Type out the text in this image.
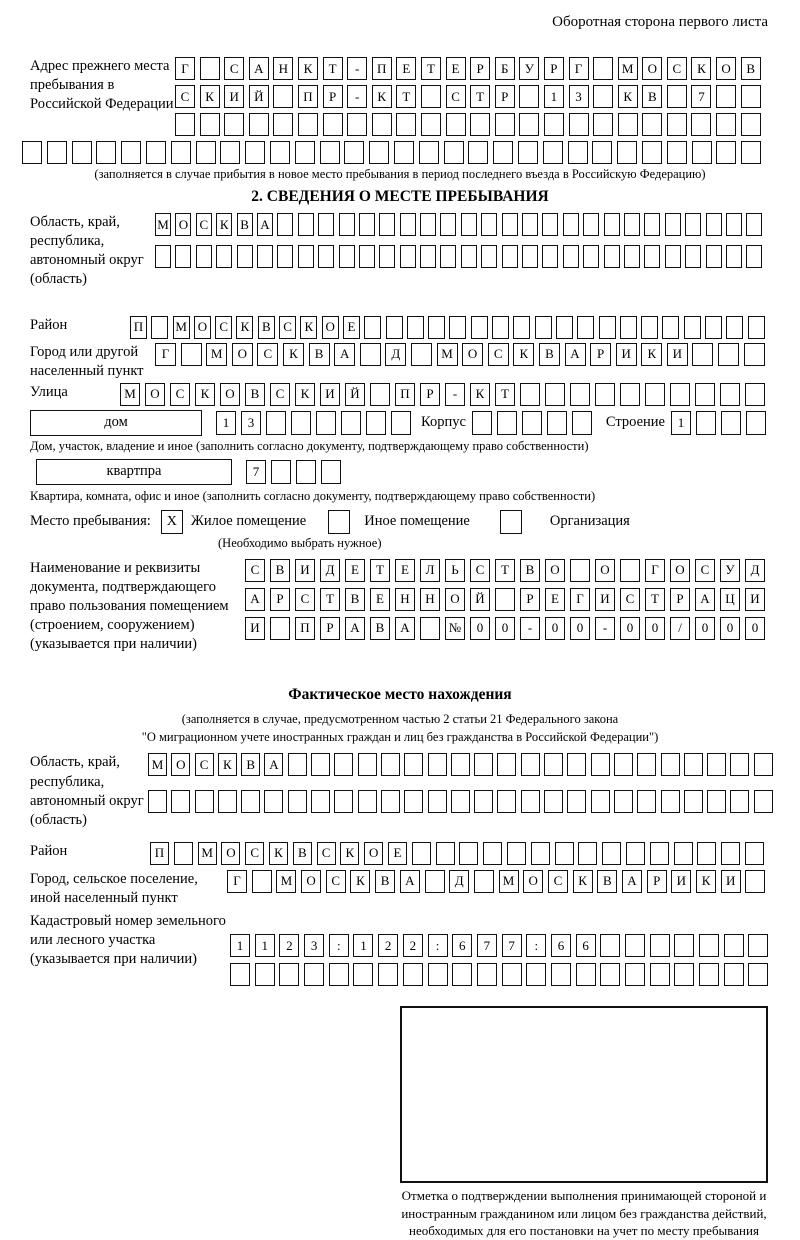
Оборотная сторона первого листа
Адрес прежнего места пребывания в Российской Федерации
Г	С	А	Н	К	Т	-	П	Е	Т	Е	Р	Б	У	Р	Г	М	О	С	К	О	В
С	К	И	Й	П	Р	-	К	Т	С	Т	Р	1	3	К	В	7
(заполняется в случае прибытия в новое место пребывания в период последнего въезда в Российскую Федерацию)
2. СВЕДЕНИЯ О МЕСТЕ ПРЕБЫВАНИЯ
Область, край, республика, автономный округ (область)
М О С К В А
Район	П М О С К В С К О Е
Город или другой населенный пункт
Г	М	О	С	К	В	А	Д	М	О	С	К	В	А	Р	И	К	И
Улица	М	О	С	К	О	В	С	К	И	Й	П	Р	-	К	Т
дом	1	3	Корпус	Строение 1
Дом, участок, владение и иное (заполнить согласно документу, подтверждающему право собственности)
квартпра	7
Квартира, комната, офис и иное (заполнить согласно документу, подтверждающему право собственности)
Место пребывания:	X Жилое помещение	Иное помещение	Организация
(Необходимо выбрать нужное)
Наименование и реквизиты документа, подтверждающего право пользования помещением (строением, сооружением) (указывается при наличии)
С	В	И	Д	Е	Т	Е	Л	Ь	С	Т	В	О	О	Г	О	С	У	Д
А	Р	С	Т	В	Е	Н	Н	О	Й	Р	Е	Г	И	С	Т	Р	А	Ц	И
И	П	Р	А	В	А	№	0	0	-	0	0	-	0	0	/	0	0	0
Фактическое место нахождения
(заполняется в случае, предусмотренном частью 2 статьи 21 Федерального закона
"О миграционном учете иностранных граждан и лиц без гражданства в Российской Федерации")
Область, край, республика, автономный округ (область)
М О	С	К	В	А
Район	П	М	О	С	К	В	С	К	О	Е
Город, сельское поселение, иной населенный пункт
Г	М	О	С	К	В	А	Д	М	О	С	К	В	А	Р	И	К	И
Кадастровый номер земельного или лесного участка (указывается при наличии)
1	1	2	3	:	1	2	2	:	6	7	7	:	6	6
Отметка о подтверждении выполнения принимающей стороной и иностранным гражданином или лицом без гражданства действий, необходимых для его постановки на учет по месту пребывания
